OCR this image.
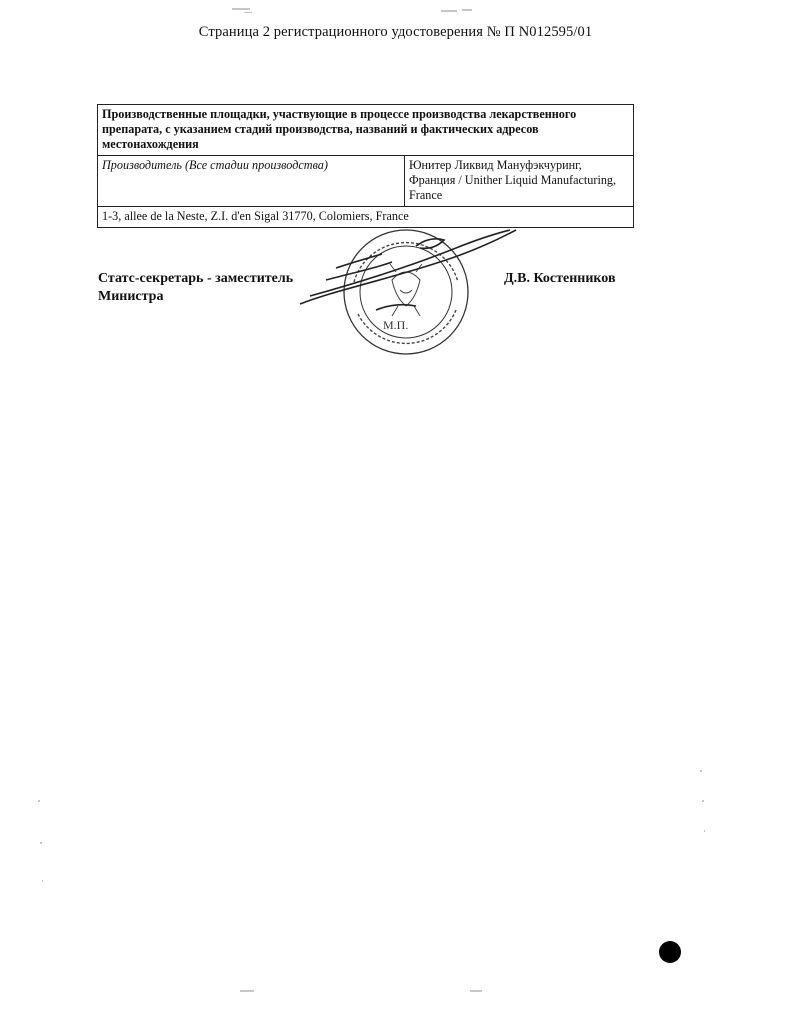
Страница 2 регистрационного удостоверения № П N012595/01
Производственные площадки, участвующие в процессе производства лекарственного препарата, с указанием стадий производства, названий и фактических адресов местонахождения
Производитель (Все стадии производства)	Юнитер Ликвид Мануфэкчуринг,
Франция / Unither Liquid Manufacturing,
France

1-3, allee de la Neste, Z.I. d'en Sigal 31770, Colomiers, France
Статс-секретарь - заместитель
Министра
Д.В. Костенников
М.П.
